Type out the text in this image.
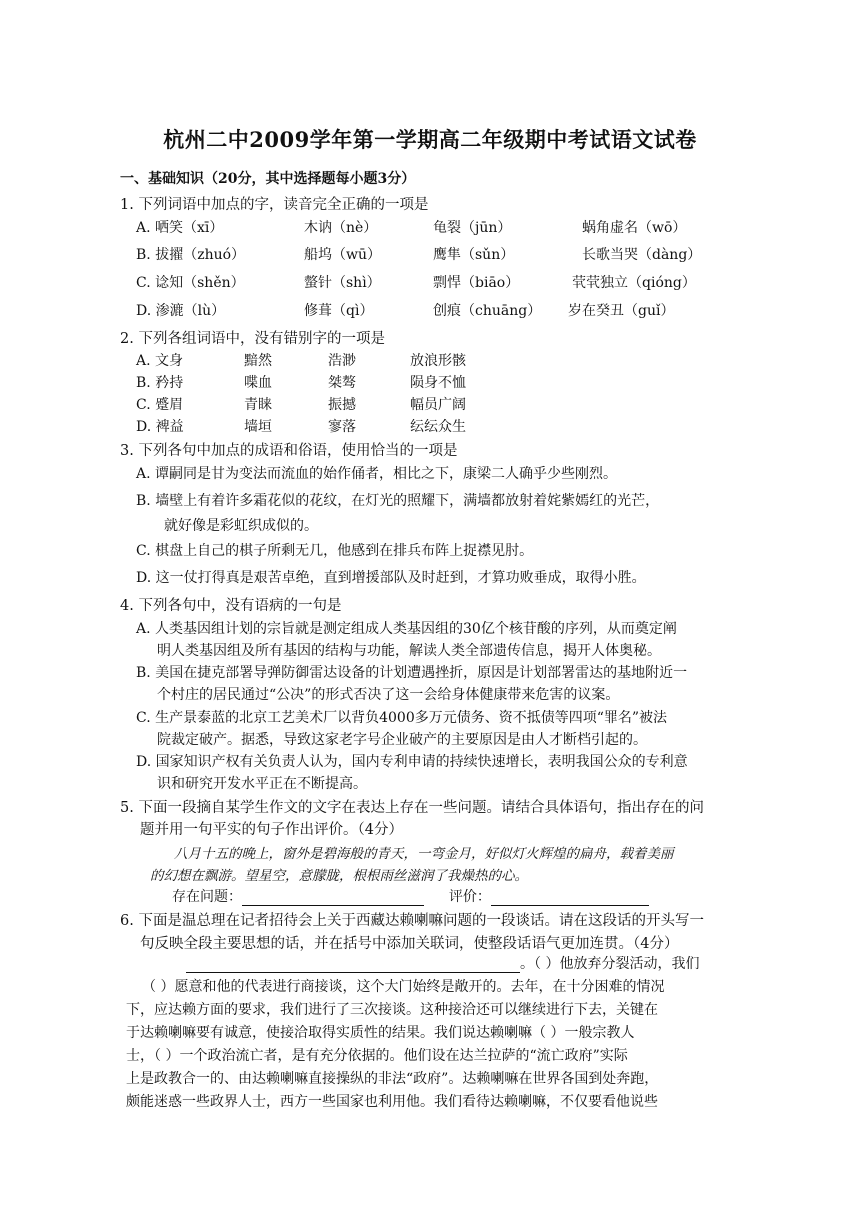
杭州二中2009学年第一学期高二年级期中考试语文试卷
一、基础知识（20分，其中选择题每小题3分）
1. 下列词语中加点的字，读音完全正确的一项是
A. 哂笑（xī）	木讷（nè）	龟裂（jūn）	蜗角虚名（wō）
B. 拔擢（zhuó）	船坞（wū）	鹰隼（sǔn）	长歌当哭（dàng）
C. 谂知（shěn）	螫针（shì）	剽悍（biāo）	茕茕独立（qióng）
D. 渗漉（lù）	修葺（qì）	创痕（chuāng） 岁在癸丑（guǐ）
2. 下列各组词语中，没有错别字的一项是
A. 文身	黯然	浩渺	放浪形骸
B. 矜持	喋血	桀骜	陨身不恤
C. 蹙眉	青睐	振撼	幅员广阔
D. 裨益	墙垣	寥落	纭纭众生
3. 下列各句中加点的成语和俗语，使用恰当的一项是
A. 谭嗣同是甘为变法而流血的始作俑者，相比之下，康梁二人确乎少些刚烈。
B. 墙壁上有着许多霜花似的花纹，在灯光的照耀下，满墙都放射着姹紫嫣红的光芒，
就好像是彩虹织成似的。
C. 棋盘上自己的棋子所剩无几，他感到在排兵布阵上捉襟见肘。
D. 这一仗打得真是艰苦卓绝，直到增援部队及时赶到，才算功败垂成，取得小胜。
4. 下列各句中，没有语病的一句是
A. 人类基因组计划的宗旨就是测定组成人类基因组的30亿个核苷酸的序列，从而奠定阐
明人类基因组及所有基因的结构与功能，解读人类全部遗传信息，揭开人体奥秘。
B. 美国在捷克部署导弹防御雷达设备的计划遭遇挫折，原因是计划部署雷达的基地附近一
个村庄的居民通过“公决”的形式否决了这一会给身体健康带来危害的议案。
C. 生产景泰蓝的北京工艺美术厂以背负4000多万元债务、资不抵债等四项“罪名”被法
院裁定破产。据悉，导致这家老字号企业破产的主要原因是由人才断档引起的。
D. 国家知识产权有关负责人认为，国内专利申请的持续快速增长，表明我国公众的专利意
识和研究开发水平正在不断提高。
5. 下面一段摘自某学生作文的文字在表达上存在一些问题。请结合具体语句，指出存在的问
题并用一句平实的句子作出评价。（4分）
八月十五的晚上，窗外是碧海般的青天，一弯金月，好似灯火辉煌的扁舟，载着美丽
的幻想在飘游。望星空，意朦胧，根根雨丝滋润了我燥热的心。
存在问题：	评价：
6. 下面是温总理在记者招待会上关于西藏达赖喇嘛问题的一段谈话。请在这段话的开头写一
句反映全段主要思想的话，并在括号中添加关联词，使整段话语气更加连贯。（4分）
。（ ）他放弃分裂活动，我们
（ ）愿意和他的代表进行商接谈，这个大门始终是敞开的。去年，在十分困难的情况
下，应达赖方面的要求，我们进行了三次接谈。这种接洽还可以继续进行下去，关键在
于达赖喇嘛要有诚意，使接洽取得实质性的结果。我们说达赖喇嘛（ ）一般宗教人
士，（ ）一个政治流亡者，是有充分依据的。他们设在达兰拉萨的“流亡政府”实际
上是政教合一的、由达赖喇嘛直接操纵的非法“政府”。达赖喇嘛在世界各国到处奔跑，
颇能迷惑一些政界人士，西方一些国家也利用他。我们看待达赖喇嘛，不仅要看他说些
